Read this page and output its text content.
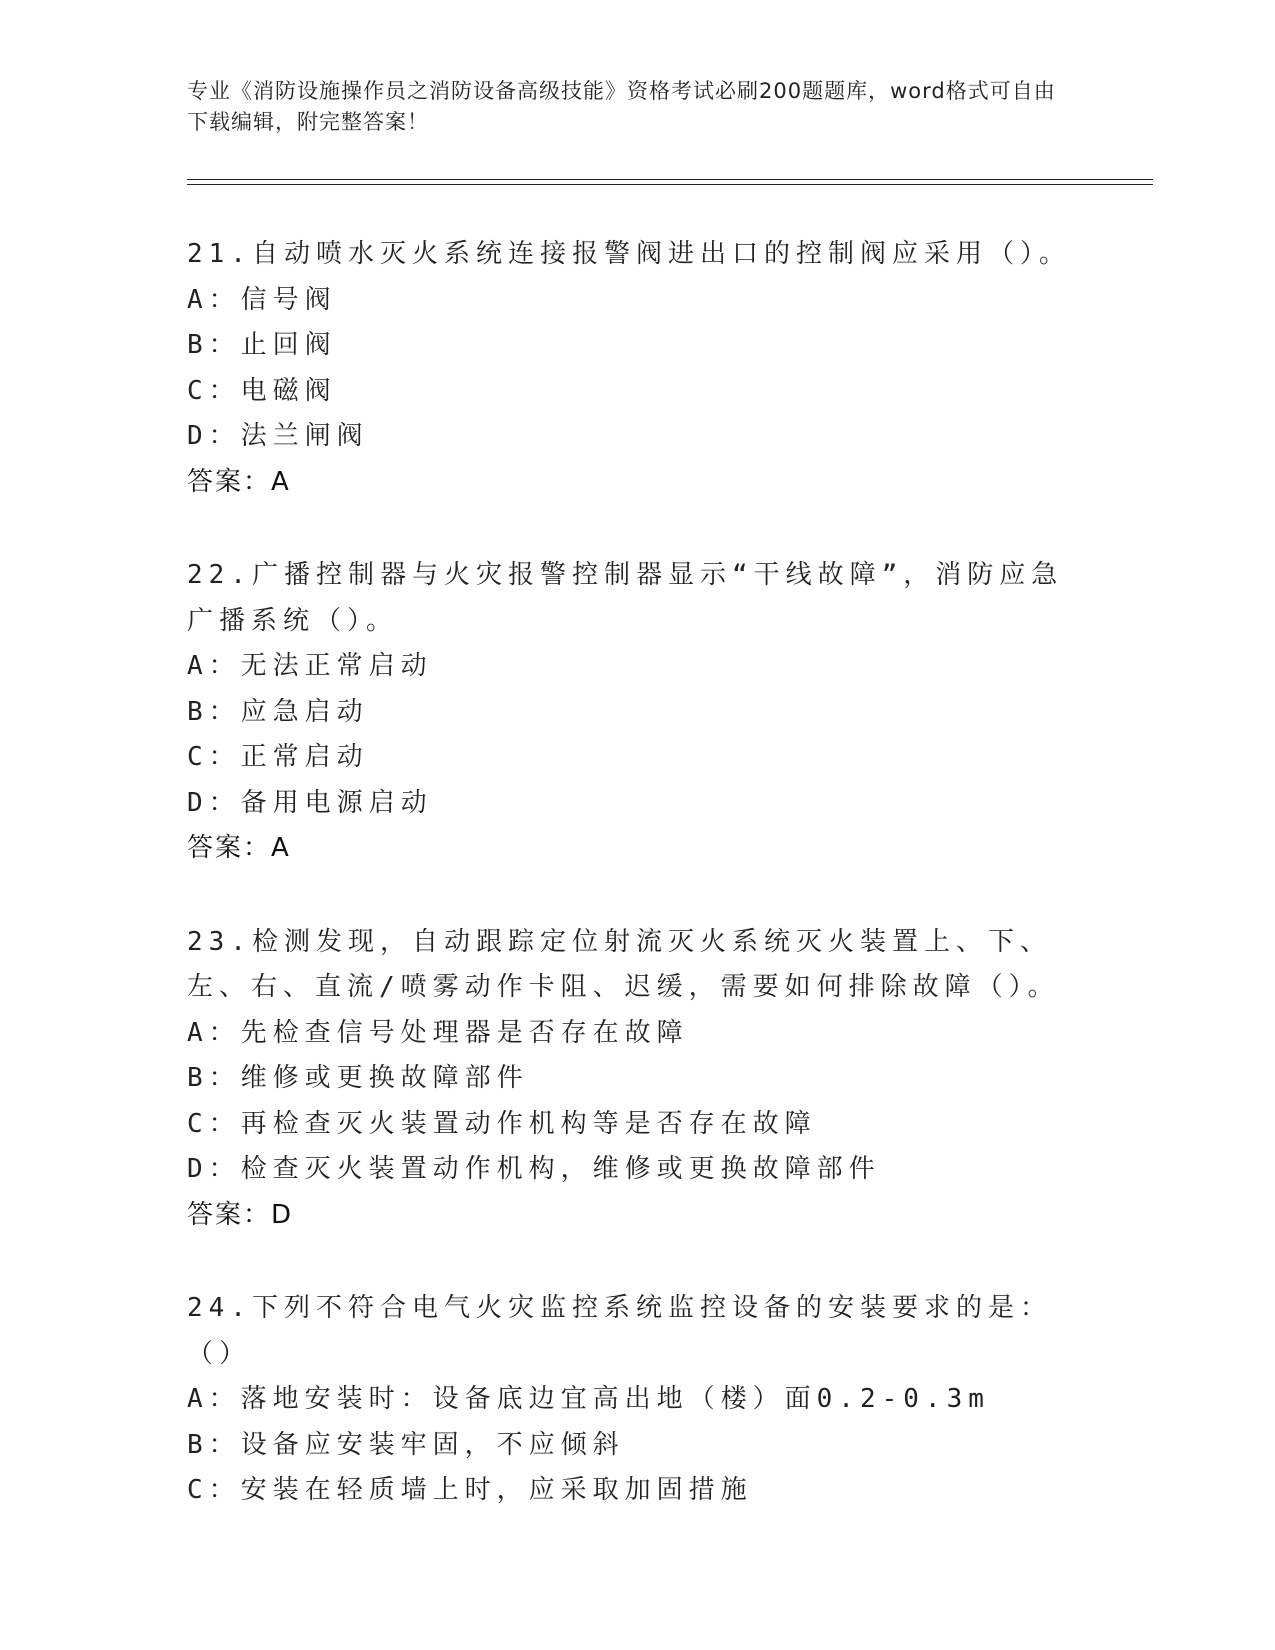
专业《消防设施操作员之消防设备高级技能》资格考试必刷200题题库，word格式可自由下载编辑，附完整答案！
21.自动喷水灭火系统连接报警阀进出口的控制阀应采用（）。
A：信号阀
B：止回阀
C：电磁阀
D：法兰闸阀
答案：A
22.广播控制器与火灾报警控制器显示“干线故障”，消防应急广播系统（）。
A：无法正常启动
B：应急启动
C：正常启动
D：备用电源启动
答案：A
23.检测发现，自动跟踪定位射流灭火系统灭火装置上、下、左、右、直流/喷雾动作卡阻、迟缓，需要如何排除故障（）。
A：先检查信号处理器是否存在故障
B：维修或更换故障部件
C：再检查灭火装置动作机构等是否存在故障
D：检查灭火装置动作机构，维修或更换故障部件
答案：D
24.下列不符合电气火灾监控系统监控设备的安装要求的是：（）
A：落地安装时：设备底边宜高出地（楼）面0.2-0.3m
B：设备应安装牢固，不应倾斜
C：安装在轻质墙上时，应采取加固措施
